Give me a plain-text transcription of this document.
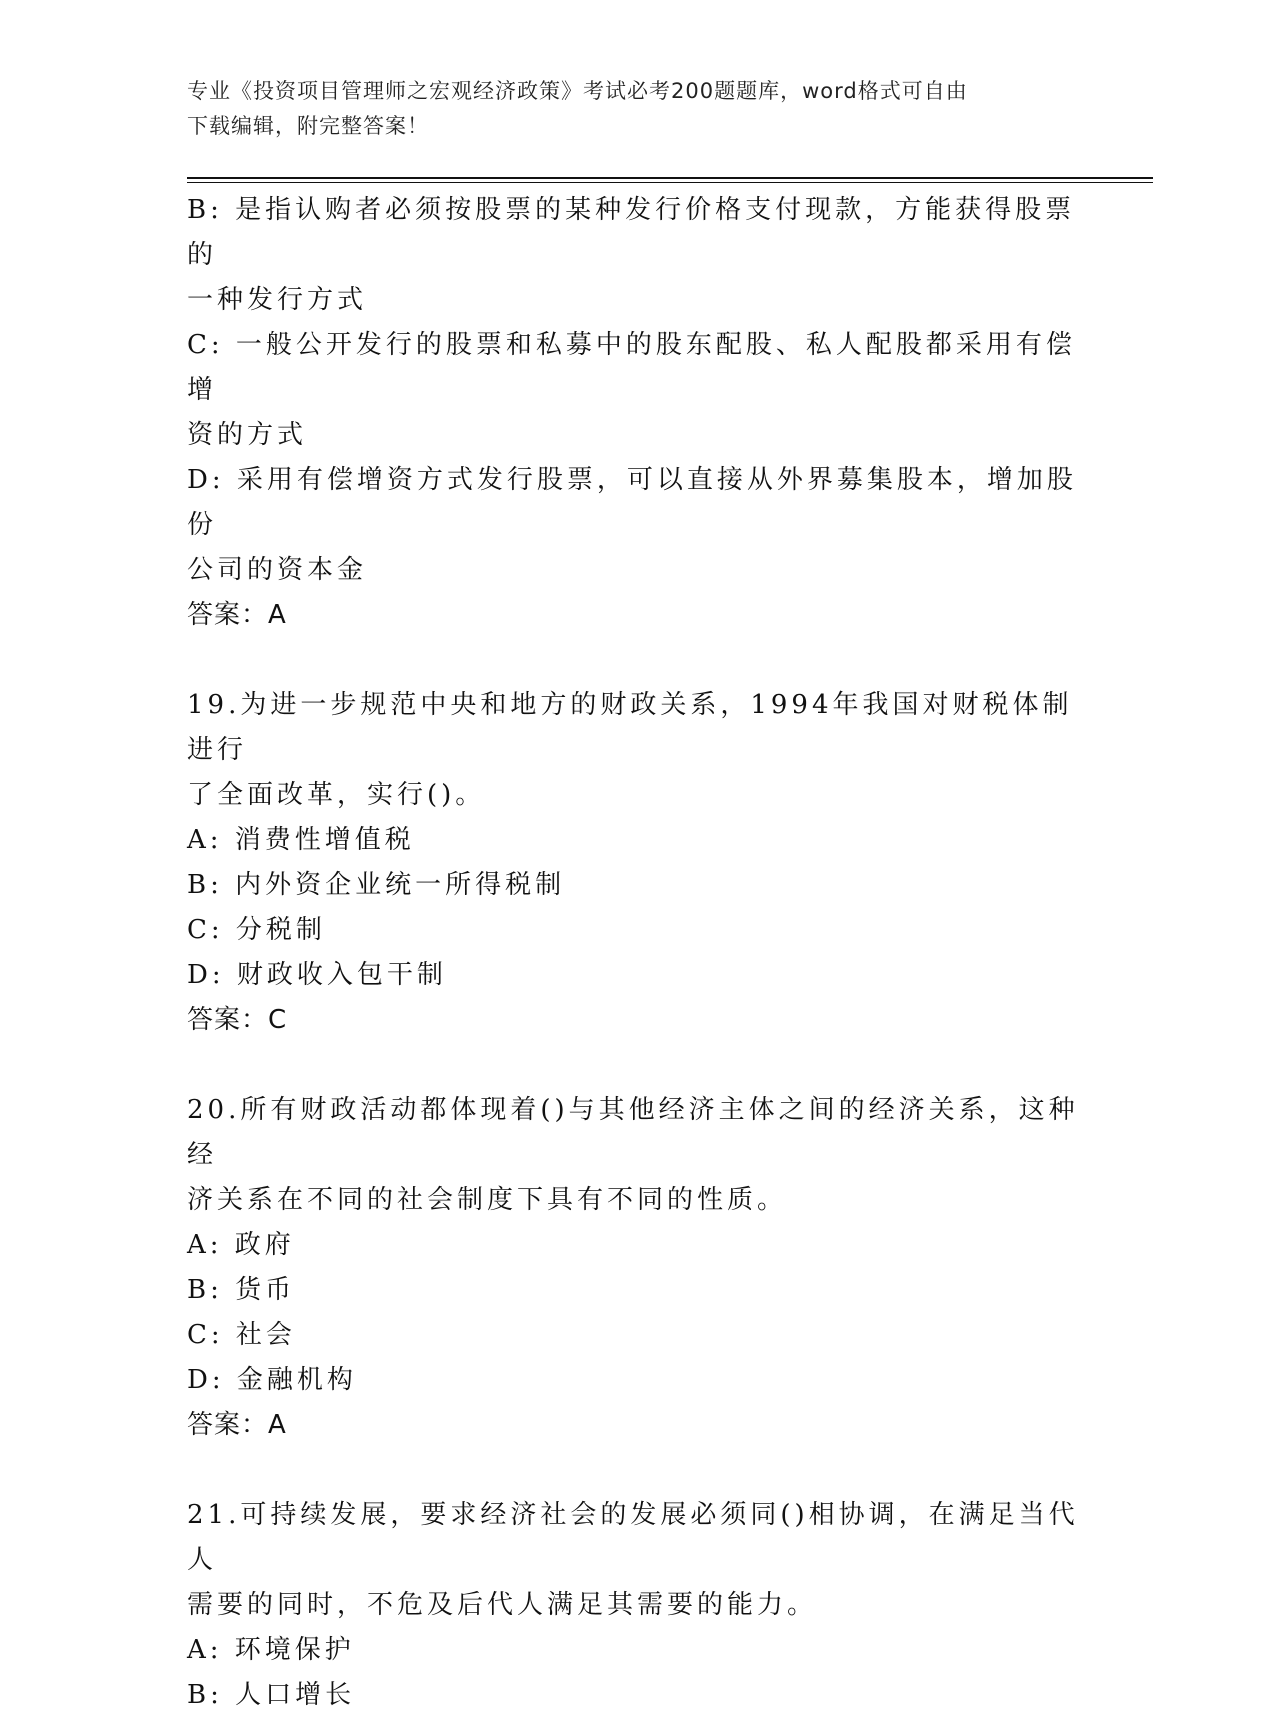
专业《投资项目管理师之宏观经济政策》考试必考200题题库，word格式可自由
下载编辑，附完整答案！

B: 是指认购者必须按股票的某种发行价格支付现款，方能获得股票的

一种发行方式

C: 一般公开发行的股票和私募中的股东配股、私人配股都采用有偿增

资的方式

D: 采用有偿增资方式发行股票，可以直接从外界募集股本，增加股份

公司的资本金

答案：A

19.为进一步规范中央和地方的财政关系，1994年我国对财税体制进行

了全面改革，实行()。

A: 消费性增值税

B: 内外资企业统一所得税制

C: 分税制

D: 财政收入包干制

答案：C

20.所有财政活动都体现着()与其他经济主体之间的经济关系，这种经

济关系在不同的社会制度下具有不同的性质。

A: 政府

B: 货币

C: 社会

D: 金融机构

答案：A

21.可持续发展，要求经济社会的发展必须同()相协调，在满足当代人

需要的同时，不危及后代人满足其需要的能力。

A: 环境保护

B: 人口增长
